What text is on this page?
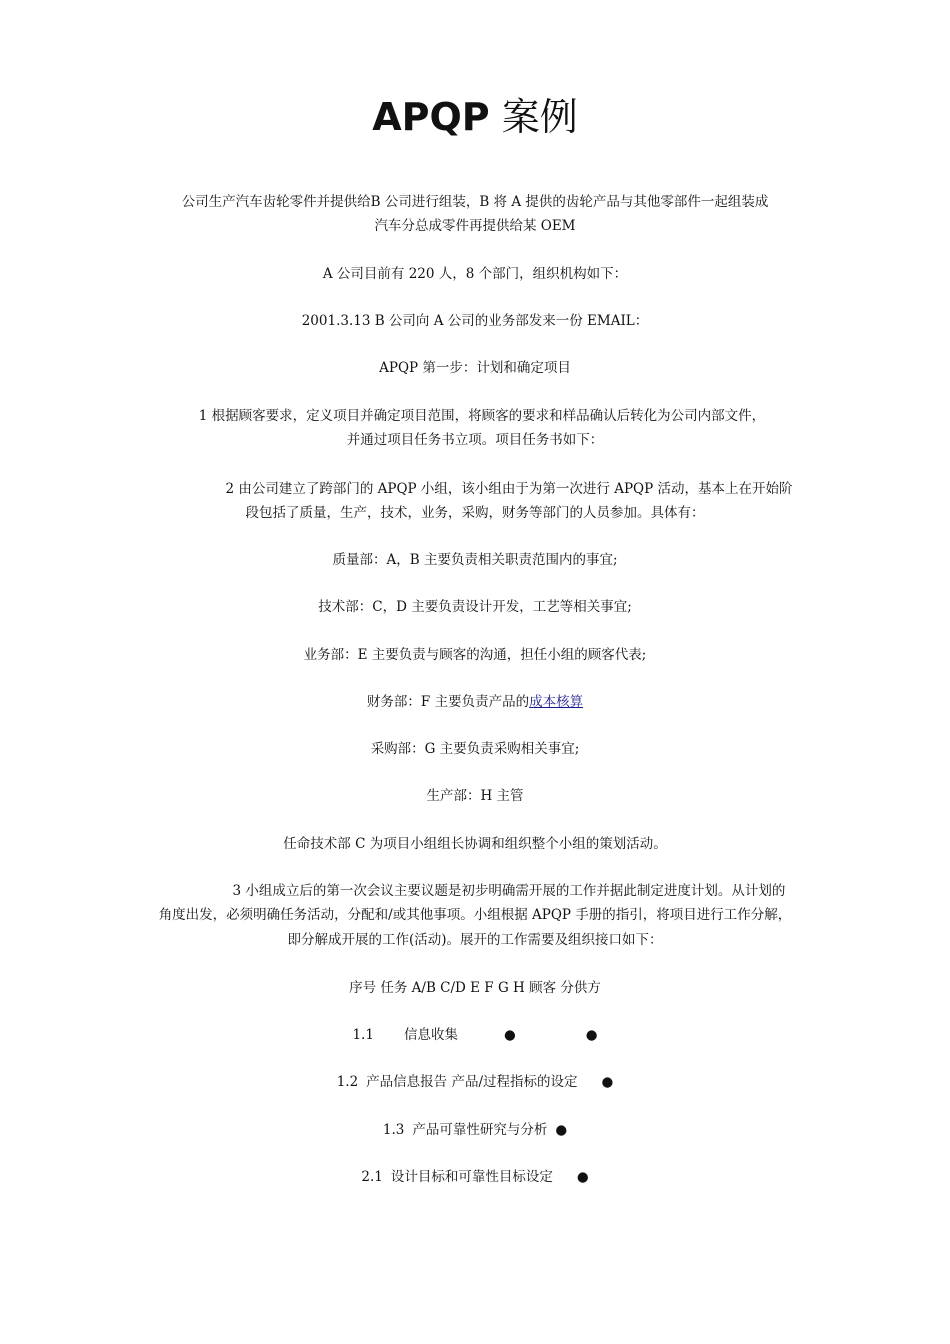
APQP 案例
公司生产汽车齿轮零件并提供给B 公司进行组装，B 将 A 提供的齿轮产品与其他零部件一起组装成
汽车分总成零件再提供给某 OEM
A 公司目前有 220 人，8 个部门，组织机构如下：
2001.3.13 B 公司向 A 公司的业务部发来一份 EMAIL：
APQP 第一步：计划和确定项目
1 根据顾客要求，定义项目并确定项目范围，将顾客的要求和样品确认后转化为公司内部文件，
并通过项目任务书立项。项目任务书如下：
2 由公司建立了跨部门的 APQP 小组，该小组由于为第一次进行 APQP 活动，基本上在开始阶
段包括了质量，生产，技术，业务，采购，财务等部门的人员参加。具体有：
质量部：A，B 主要负责相关职责范围内的事宜;
技术部：C，D 主要负责设计开发，工艺等相关事宜;
业务部：E 主要负责与顾客的沟通，担任小组的顾客代表;
财务部：F 主要负责产品的成本核算
采购部：G 主要负责采购相关事宜;
生产部：H 主管
任命技术部 C 为项目小组组长协调和组织整个小组的策划活动。
3 小组成立后的第一次会议主要议题是初步明确需开展的工作并据此制定进度计划。从计划的
角度出发，必须明确任务活动，分配和/或其他事项。小组根据 APQP 手册的指引，将项目进行工作分解，
即分解成开展的工作(活动)。展开的工作需要及组织接口如下：
序号 任务 A/B C/D E F G H 顾客 分供方
1.1 信息收集	●	●
1.2 产品信息报告 产品/过程指标的设定 ●
1.3 产品可靠性研究与分析 ●
2.1 设计目标和可靠性目标设定 ●
